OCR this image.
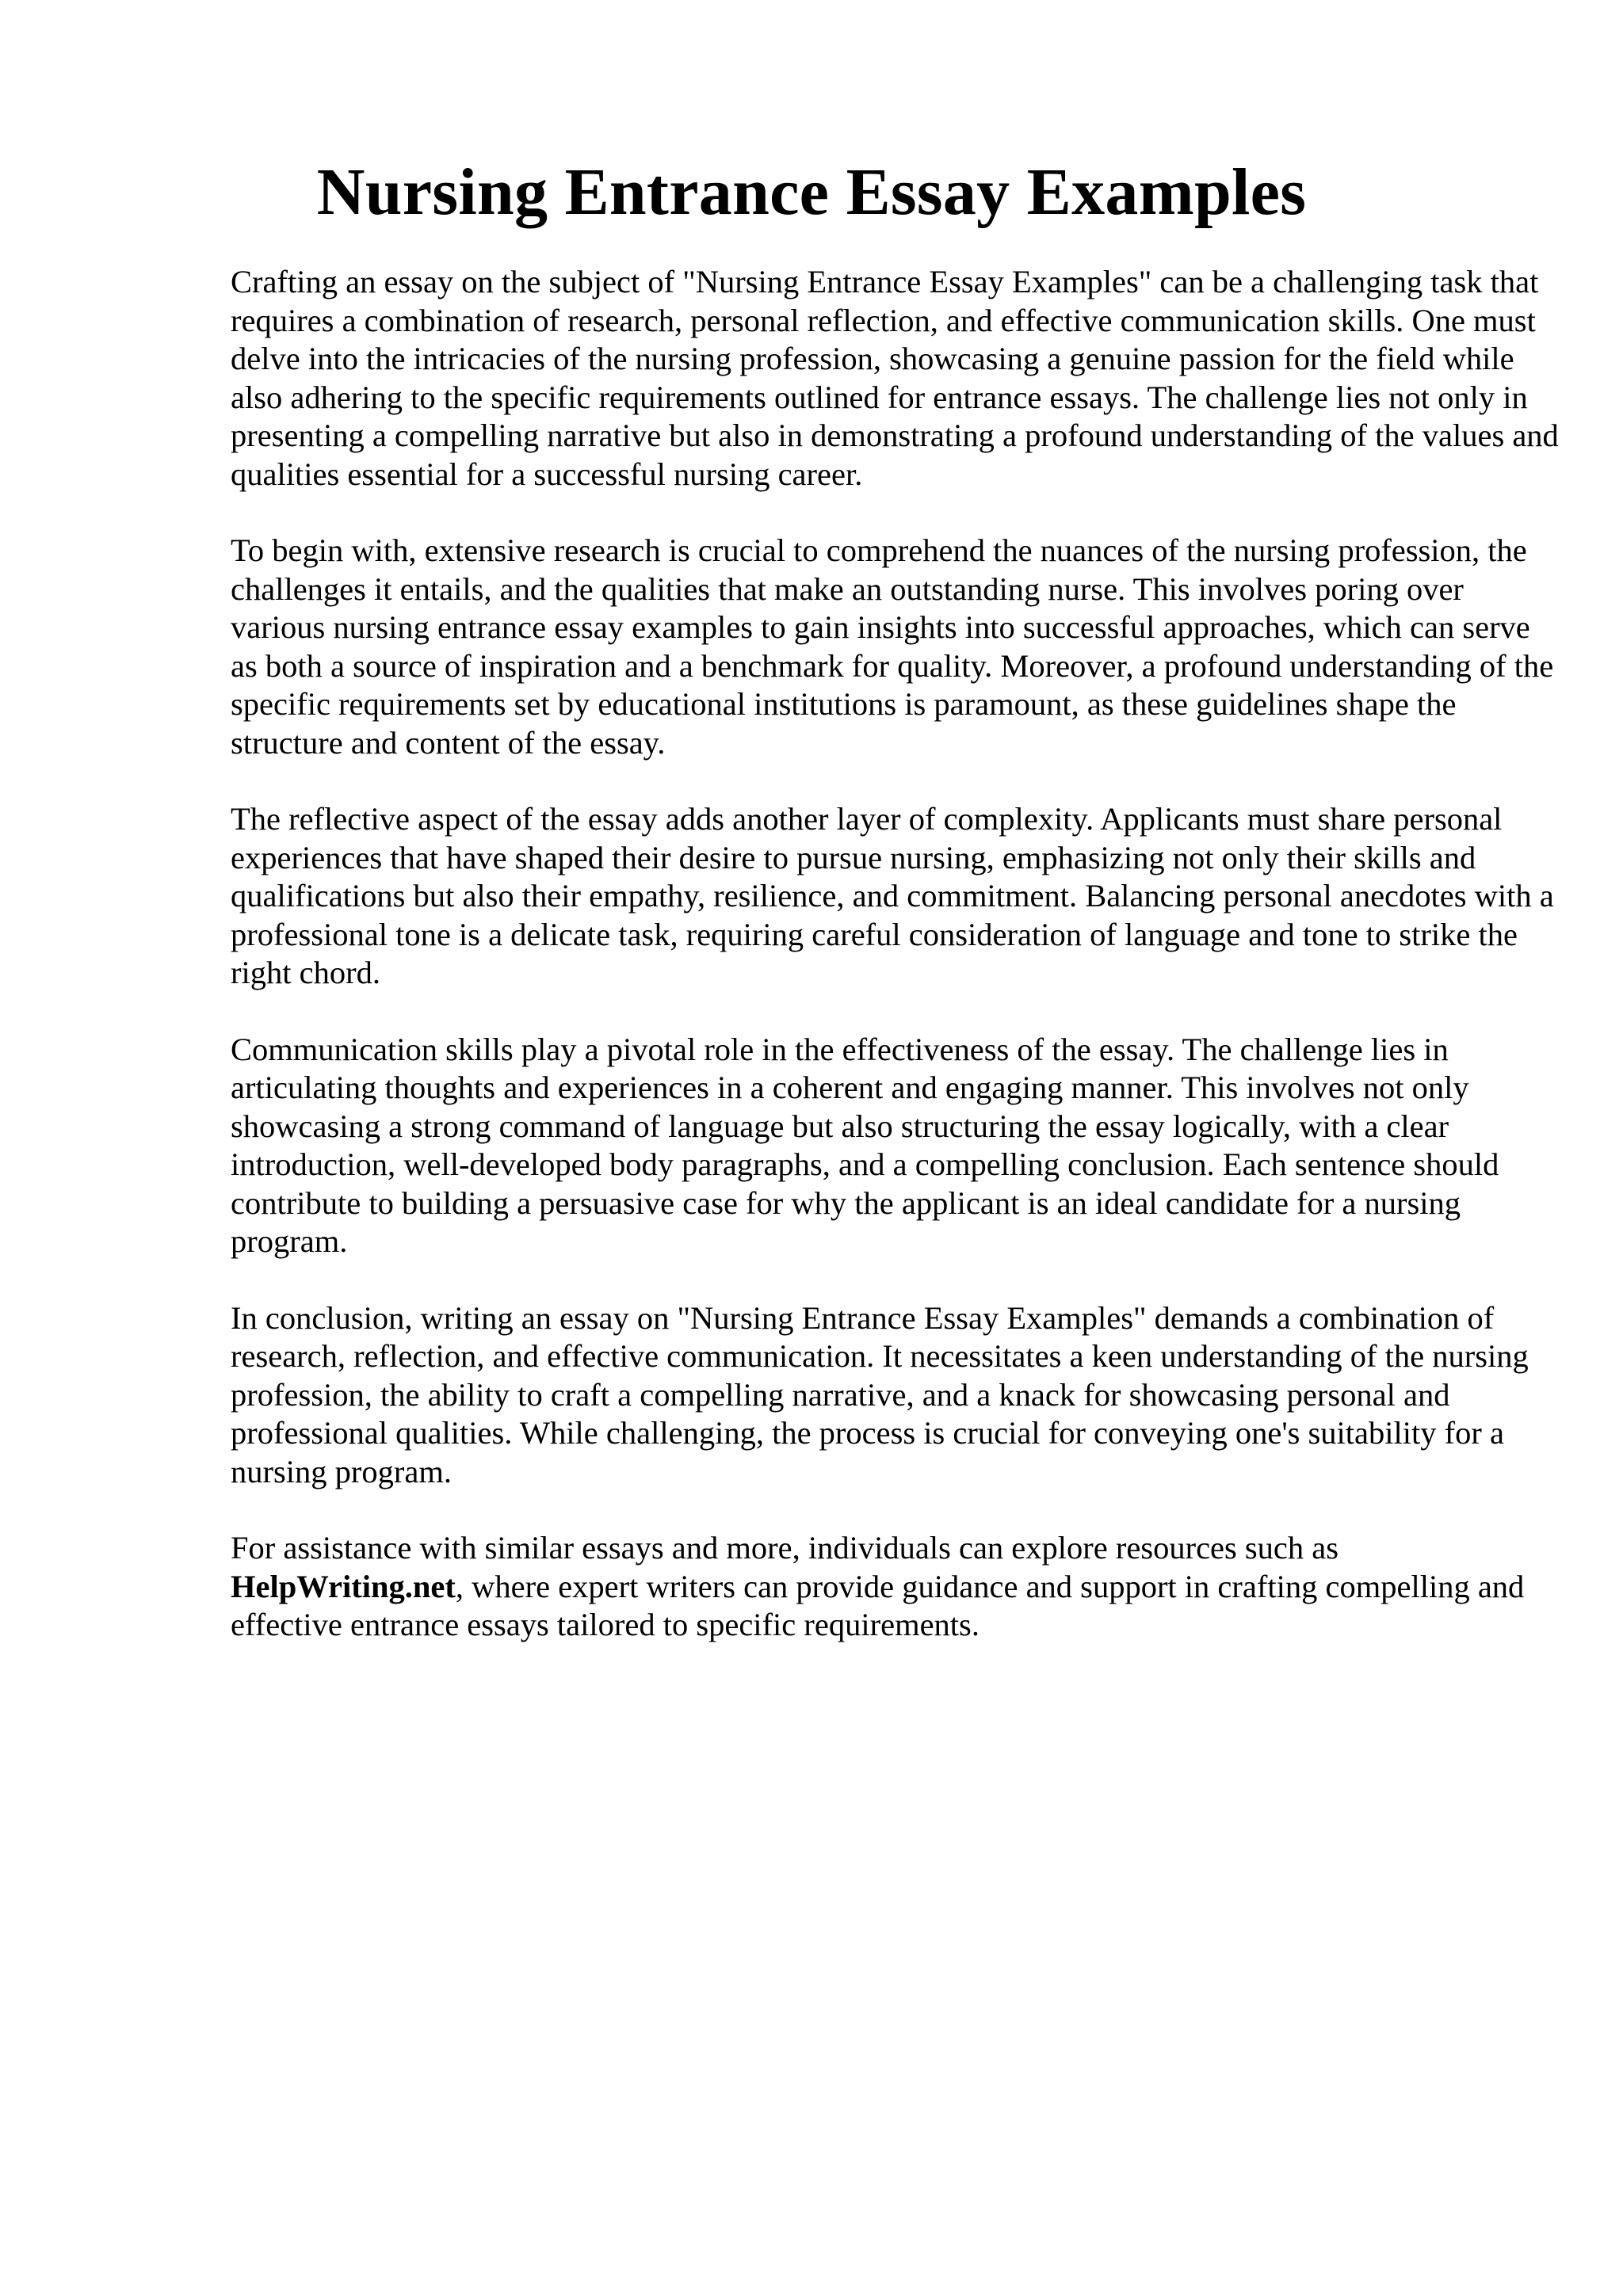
Nursing Entrance Essay Examples

Crafting an essay on the subject of "Nursing Entrance Essay Examples" can be a challenging task that requires a combination of research, personal reflection, and effective communication skills. One must delve into the intricacies of the nursing profession, showcasing a genuine passion for the field while also adhering to the specific requirements outlined for entrance essays. The challenge lies not only in presenting a compelling narrative but also in demonstrating a profound understanding of the values and qualities essential for a successful nursing career.

To begin with, extensive research is crucial to comprehend the nuances of the nursing profession, the challenges it entails, and the qualities that make an outstanding nurse. This involves poring over various nursing entrance essay examples to gain insights into successful approaches, which can serve as both a source of inspiration and a benchmark for quality. Moreover, a profound understanding of the specific requirements set by educational institutions is paramount, as these guidelines shape the structure and content of the essay.

The reflective aspect of the essay adds another layer of complexity. Applicants must share personal experiences that have shaped their desire to pursue nursing, emphasizing not only their skills and qualifications but also their empathy, resilience, and commitment. Balancing personal anecdotes with a professional tone is a delicate task, requiring careful consideration of language and tone to strike the right chord.

Communication skills play a pivotal role in the effectiveness of the essay. The challenge lies in articulating thoughts and experiences in a coherent and engaging manner. This involves not only showcasing a strong command of language but also structuring the essay logically, with a clear introduction, well-developed body paragraphs, and a compelling conclusion. Each sentence should contribute to building a persuasive case for why the applicant is an ideal candidate for a nursing program.

In conclusion, writing an essay on "Nursing Entrance Essay Examples" demands a combination of research, reflection, and effective communication. It necessitates a keen understanding of the nursing profession, the ability to craft a compelling narrative, and a knack for showcasing personal and professional qualities. While challenging, the process is crucial for conveying one's suitability for a nursing program.

For assistance with similar essays and more, individuals can explore resources such as
HelpWriting.net, where expert writers can provide guidance and support in crafting compelling and effective entrance essays tailored to specific requirements.
